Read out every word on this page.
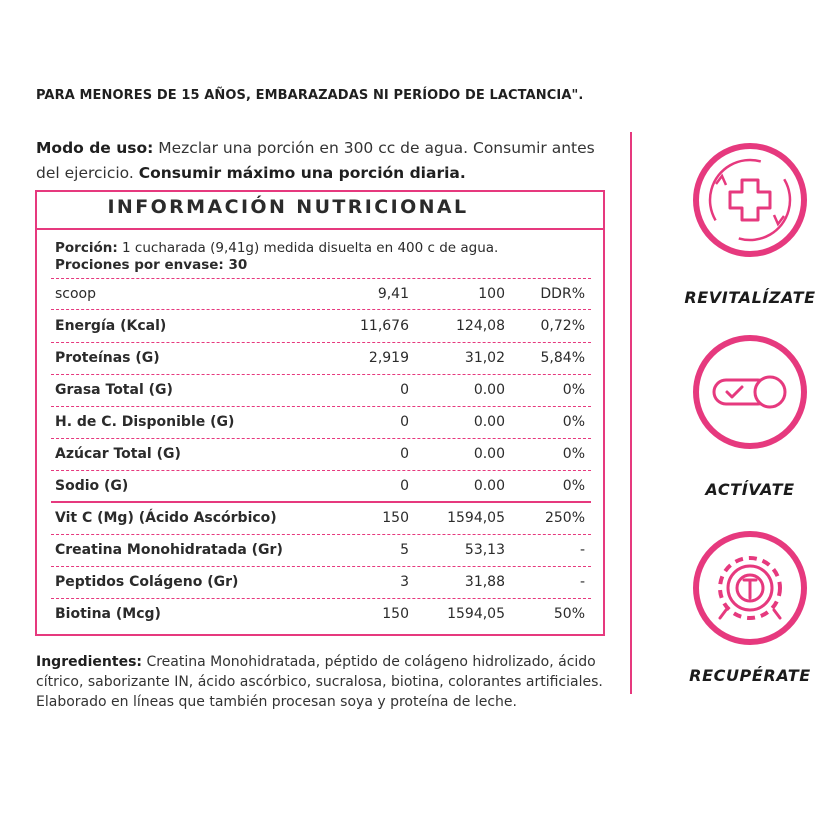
PARA MENORES DE 15 AÑOS, EMBARAZADAS NI PERÍODO DE LACTANCIA".
Modo de uso: Mezclar una porción en 300 cc de agua. Consumir antes del ejercicio. Consumir máximo una porción diaria.
INFORMACIÓN NUTRICIONAL
Porción: 1 cucharada (9,41g) medida disuelta en 400 c de agua.
Prociones por envase: 30
scoop	9,41	100	DDR%
Energía (Kcal)	11,676	124,08	0,72%
Proteínas (G)	2,919	31,02	5,84%
Grasa Total (G)	0	0.00	0%
H. de C. Disponible (G)	0	0.00	0%
Azúcar Total (G)	0	0.00	0%
Sodio (G)	0	0.00	0%
Vit C (Mg) (Ácido Ascórbico)	150	1594,05	250%
Creatina Monohidratada (Gr)	5	53,13	-
Peptidos Colágeno (Gr)	3	31,88	-
Biotina (Mcg)	150	1594,05	50%
Ingredientes: Creatina Monohidratada, péptido de colágeno hidrolizado, ácido cítrico, saborizante IN, ácido ascórbico, sucralosa, biotina, colorantes artificiales.
Elaborado en líneas que también procesan soya y proteína de leche.
REVITALÍZATE
ACTÍVATE
RECUPÉRATE
